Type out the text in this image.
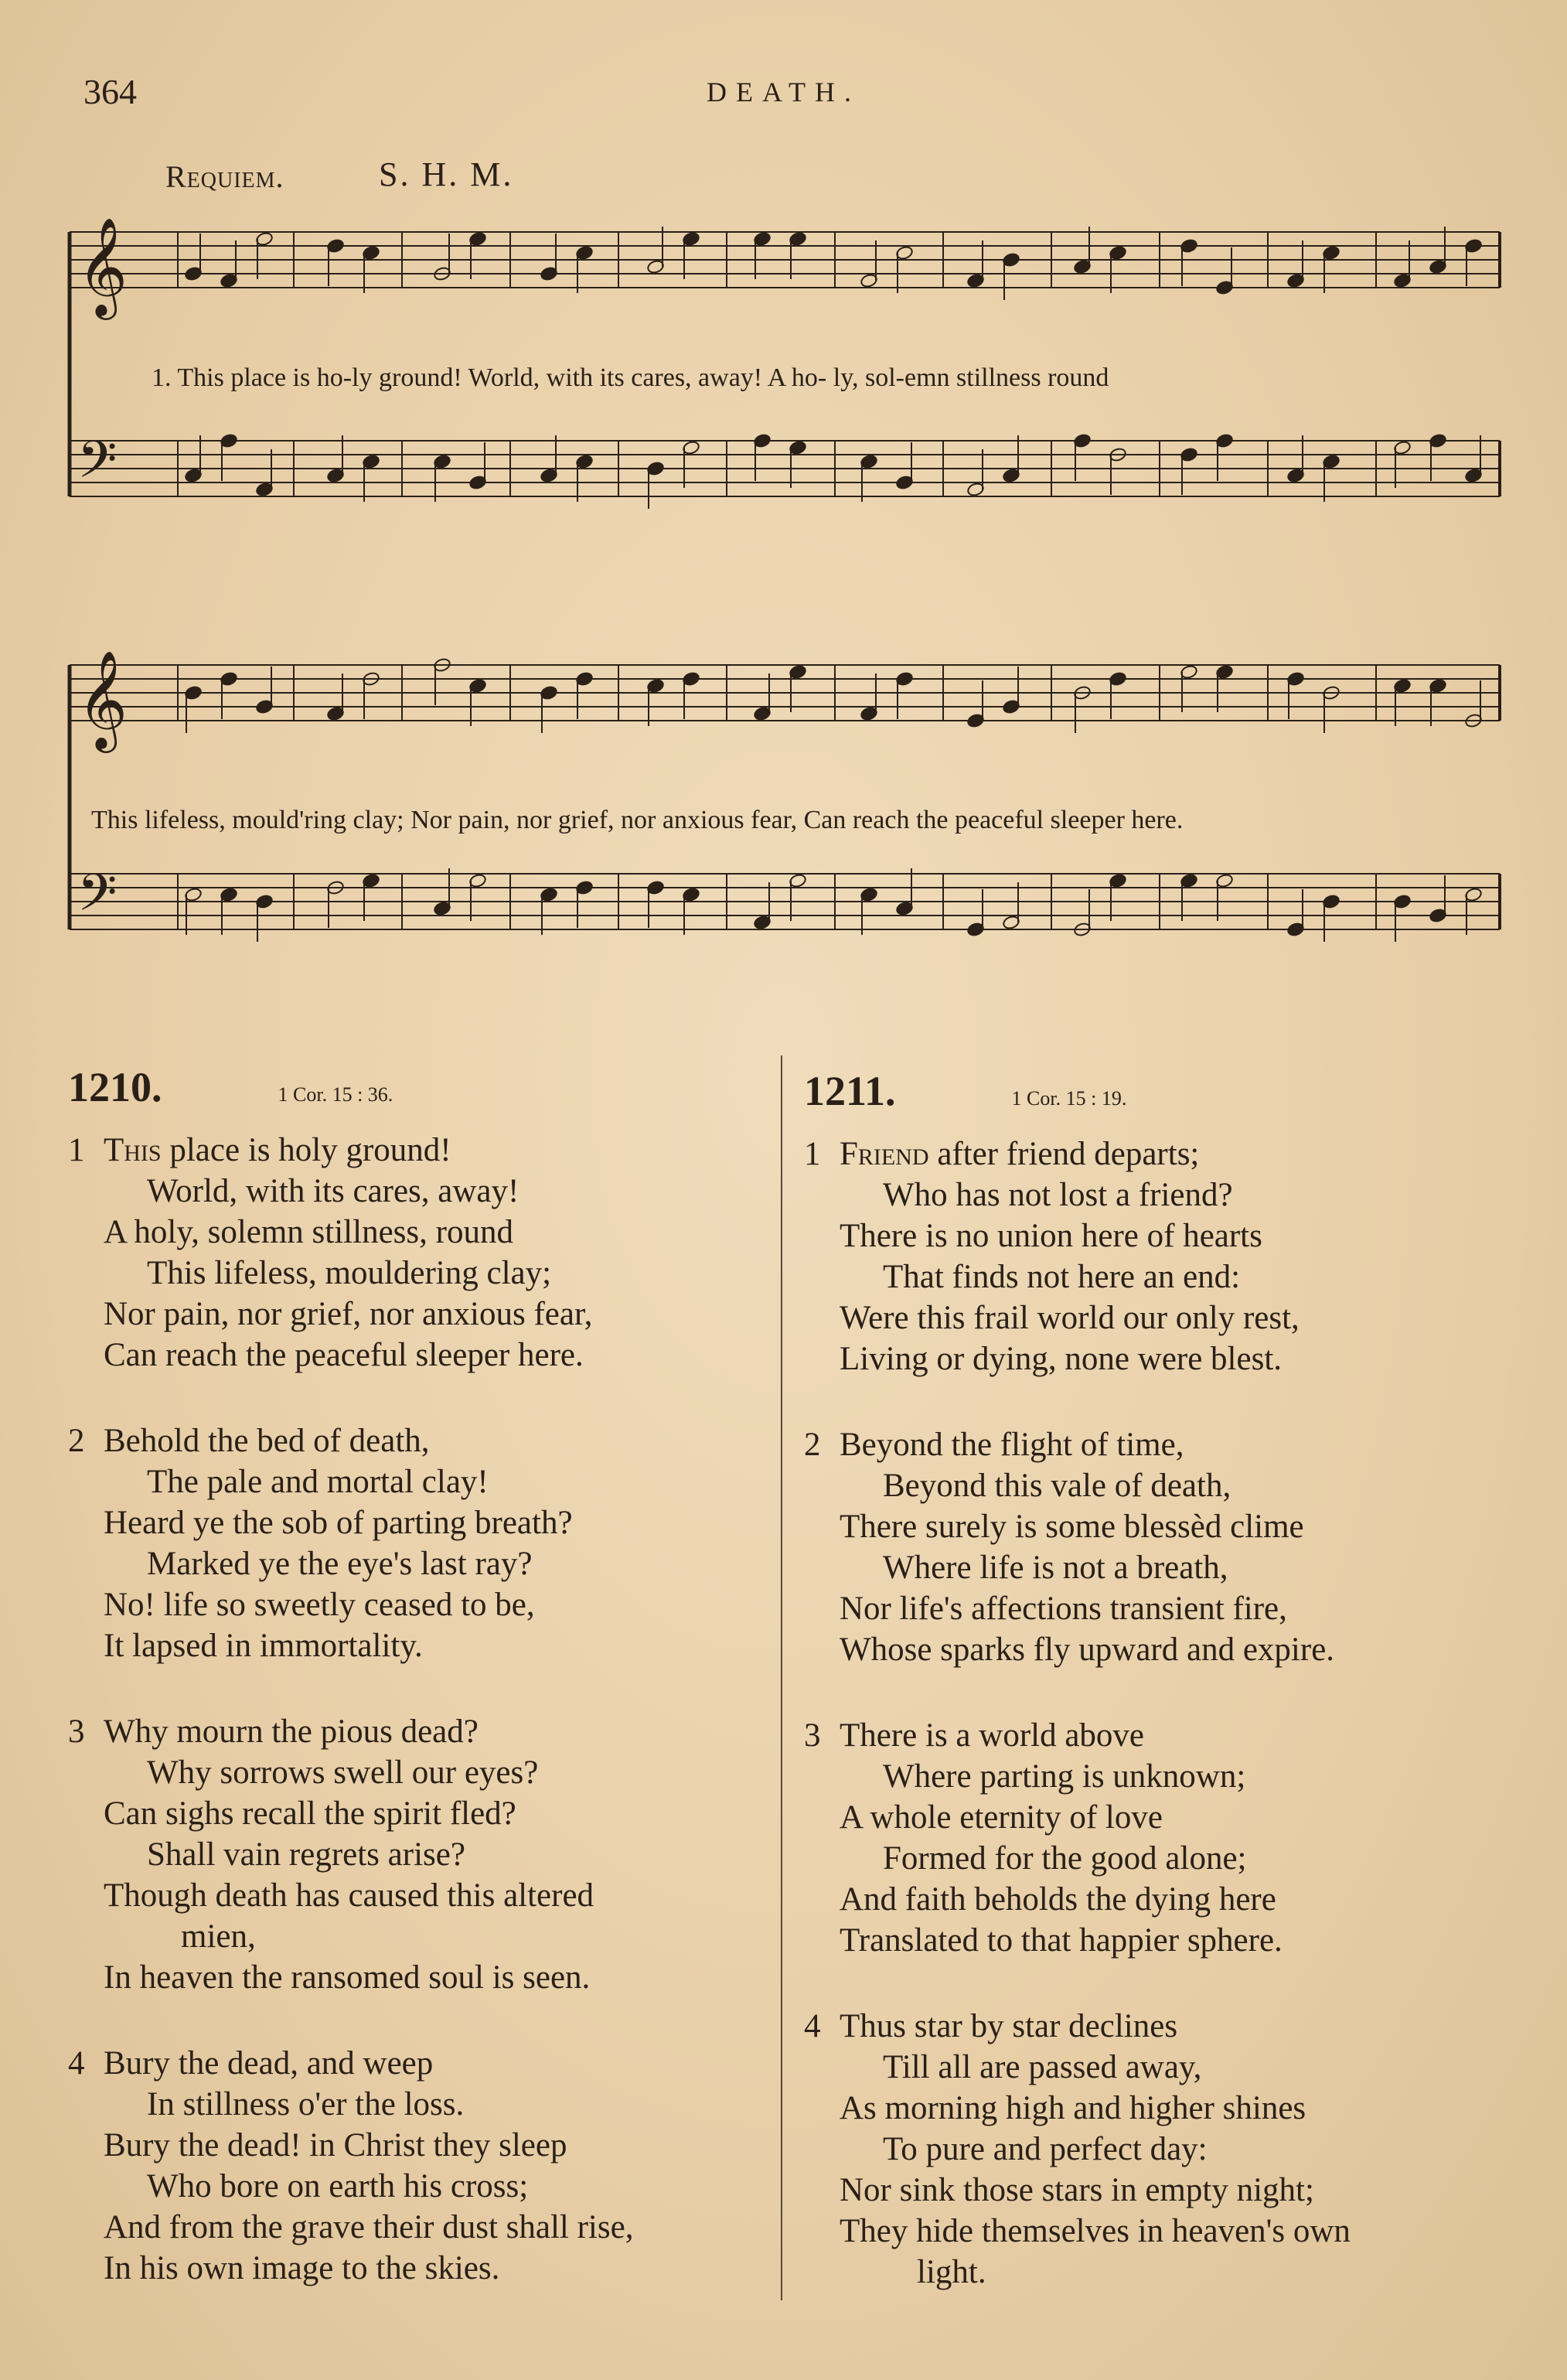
364	DEATH.
Requiem.	S. H. M.
𝄞
𝄞
𝄢
𝄢
1. This place is ho-ly ground! World, with its cares, away! A ho- ly, sol-emn stillness round
This lifeless, mould'ring clay; Nor pain, nor grief, nor anxious fear, Can reach the peaceful sleeper here.
1210.	1 Cor. 15 : 36.
1 This place is holy ground!
World, with its cares, away!
A holy, solemn stillness, round
This lifeless, mouldering clay;
Nor pain, nor grief, nor anxious fear,
Can reach the peaceful sleeper here.
2 Behold the bed of death,
The pale and mortal clay!
Heard ye the sob of parting breath?
Marked ye the eye's last ray?
No! life so sweetly ceased to be,
It lapsed in immortality.
3 Why mourn the pious dead?
Why sorrows swell our eyes?
Can sighs recall the spirit fled?
Shall vain regrets arise?
Though death has caused this altered
mien,
In heaven the ransomed soul is seen.
4 Bury the dead, and weep
In stillness o'er the loss.
Bury the dead! in Christ they sleep
Who bore on earth his cross;
And from the grave their dust shall rise,
In his own image to the skies.
1211.	1 Cor. 15 : 19.
1 Friend after friend departs;
Who has not lost a friend?
There is no union here of hearts
That finds not here an end:
Were this frail world our only rest,
Living or dying, none were blest.
2 Beyond the flight of time,
Beyond this vale of death,
There surely is some blessèd clime
Where life is not a breath,
Nor life's affections transient fire,
Whose sparks fly upward and expire.
3 There is a world above
Where parting is unknown;
A whole eternity of love
Formed for the good alone;
And faith beholds the dying here
Translated to that happier sphere.
4 Thus star by star declines
Till all are passed away,
As morning high and higher shines
To pure and perfect day:
Nor sink those stars in empty night;
They hide themselves in heaven's own
light.
